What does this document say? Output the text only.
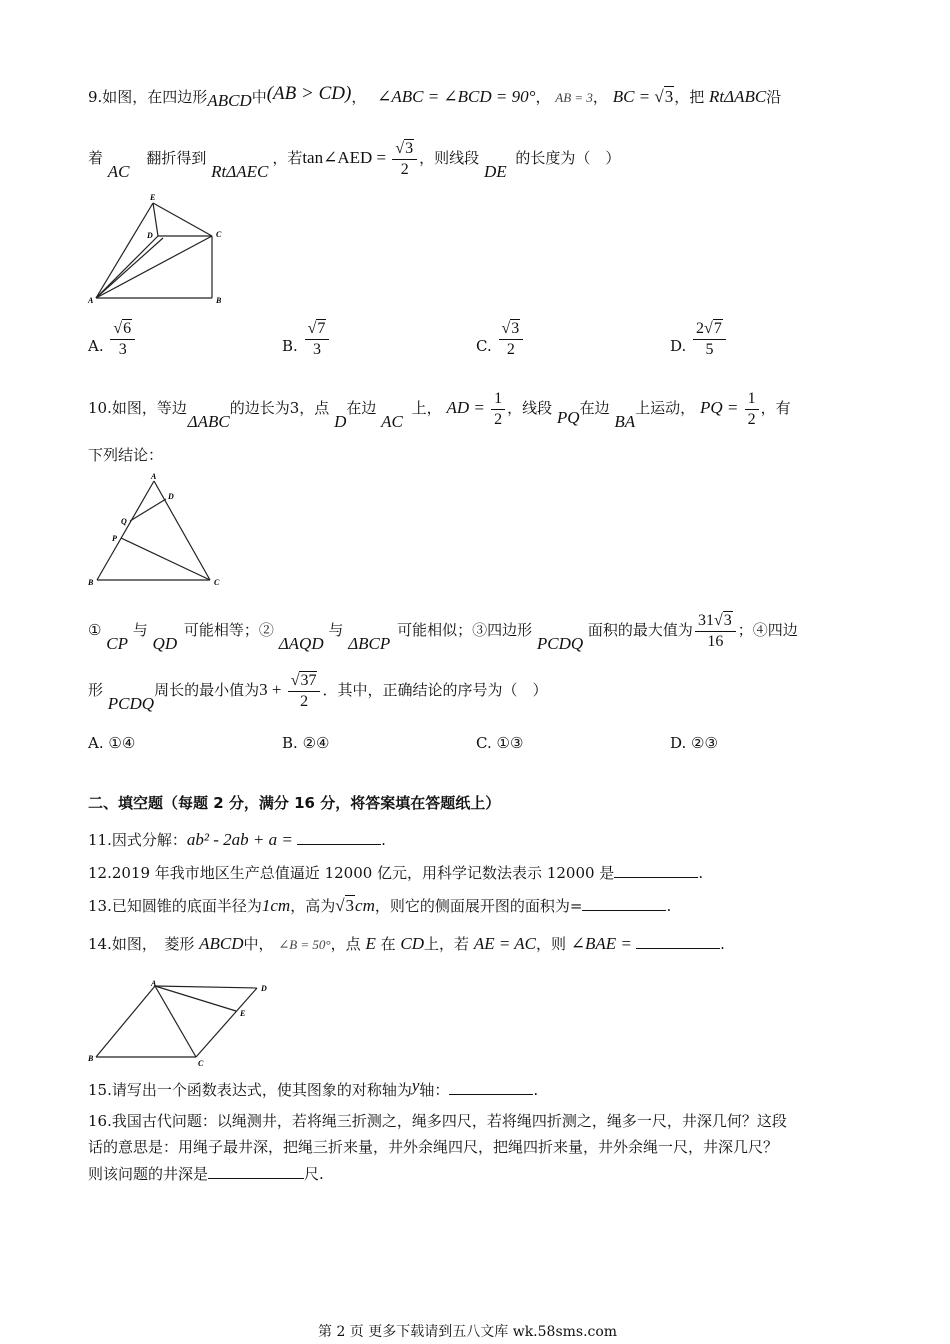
9.如图，在四边形ABCD中(AB > CD)， ∠ABC = ∠BCD = 90°， AB = 3， BC = √3，把 RtΔABC沿
着 AC 翻折得到 RtΔAEC，若tan∠AED = $\frac{√3}{2}$ ，则线段 DE 的长度为（　）
E
D	C
A	B
A. $\frac{√6}{3}$	B. $\frac{√7}{3}$	C. $\frac{√3}{2}$	D. $\frac{2√7}{5}$
10.如图，等边 ΔABC的边长为3，点 D在边 AC 上， AD = $\frac{1}{2}$ ，线段 PQ在边 BA上运动， PQ = $\frac{1}{2}$ ，有
下列结论：
A
D
Q
P
B	C
① CP 与 QD 可能相等；② ΔAQD 与 ΔBCP 可能相似；③四边形 PCDQ 面积的最大值为 $\frac{31√3}{16}$ ；④四边
形 PCDQ周长的最小值为$3 + \frac{√37}{2}$ ．其中，正确结论的序号为（　）
A. ①④	B. ②④	C. ①③	D. ②③
二、填空题（每题 2 分，满分 16 分，将答案填在答题纸上）
11.因式分解：ab² - 2ab + a =	.
12.2019 年我市地区生产总值逼近 12000 亿元，用科学记数法表示 12000 是	.
13.已知圆锥的底面半径为1cm，高为√3cm，则它的侧面展开图的面积为=	.
14.如图，　菱形 ABCD中， ∠B = 50°，点 E 在 CD上，若 AE = AC，则 ∠BAE =	.
A
D
E
B
C
15.请写出一个函数表达式，使其图象的对称轴为y轴：	.
16.我国古代问题：以绳测井，若将绳三折测之，绳多四尺，若将绳四折测之，绳多一尺，井深几何？这段
话的意思是：用绳子最井深，把绳三折来量，井外余绳四尺，把绳四折来量，井外余绳一尺，井深几尺？
则该问题的井深是	尺.
第 2 页 更多下载请到五八文库 wk.58sms.com
